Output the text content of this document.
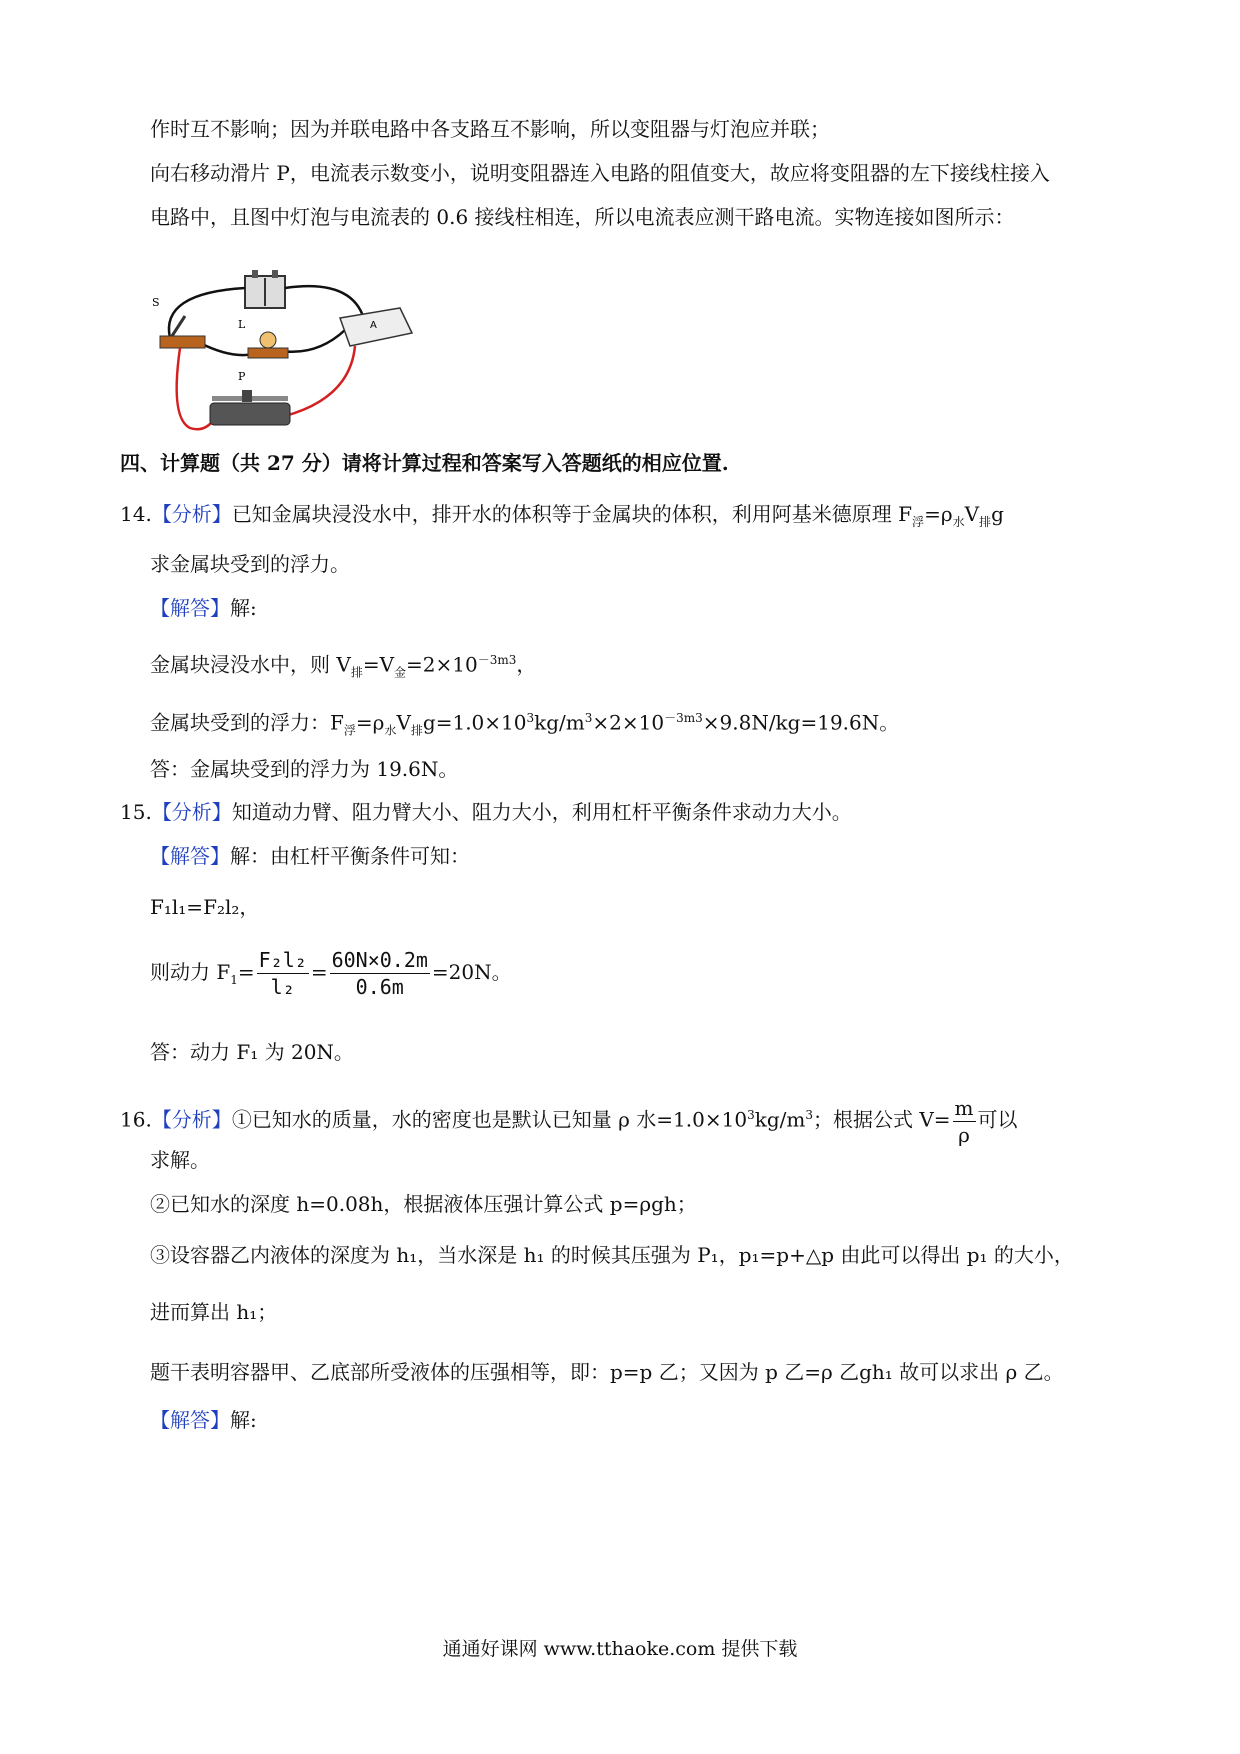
作时互不影响；因为并联电路中各支路互不影响，所以变阻器与灯泡应并联；
向右移动滑片 P，电流表示数变小，说明变阻器连入电路的阻值变大，故应将变阻器的左下接线柱接入
电路中，且图中灯泡与电流表的 0.6 接线柱相连，所以电流表应测干路电流。实物连接如图所示：
S
L	A
P
四、计算题（共 27 分）请将计算过程和答案写入答题纸的相应位置.
14.【分析】已知金属块浸没水中，排开水的体积等于金属块的体积，利用阿基米德原理 $F_浮=\rho_水V_排g$
求金属块受到的浮力。
【解答】解:
金属块浸没水中，则 $V_排=V_金=2\times 10^{-3m3}$，
金属块受到的浮力：$F_浮=\rho_水V_排g=1.0\times 10^3kg/m^3\times 2\times 10^{-3m3}\times 9.8N/kg=19.6N$。
答：金属块受到的浮力为 19.6N。
15.【分析】知道动力臂、阻力臂大小、阻力大小，利用杠杆平衡条件求动力大小。
【解答】解：由杠杆平衡条件可知：
F₁l₁=F₂l₂，
则动力 $F_1= \frac{\text{F₂l₂}}{\text{l₂}} = \frac{60N\times 0.2m}{0.6m} =20N$。
答：动力 F₁ 为 20N。
16.【分析】①已知水的质量，水的密度也是默认已知量 ρ 水$=1.0\times 10^3kg/m^3$；根据公式 $V= \frac{m}{\rho}$ 可以
求解。
②已知水的深度 h=0.08h，根据液体压强计算公式 p=ρgh；
③设容器乙内液体的深度为 h₁，当水深是 h₁ 的时候其压强为 P₁，p₁=p+△p 由此可以得出 p₁ 的大小，
进而算出 h₁；
题干表明容器甲、乙底部所受液体的压强相等，即：p=p 乙；又因为 p 乙=ρ 乙gh₁ 故可以求出 ρ 乙。
【解答】解:
通通好课网 www.tthaoke.com 提供下载
